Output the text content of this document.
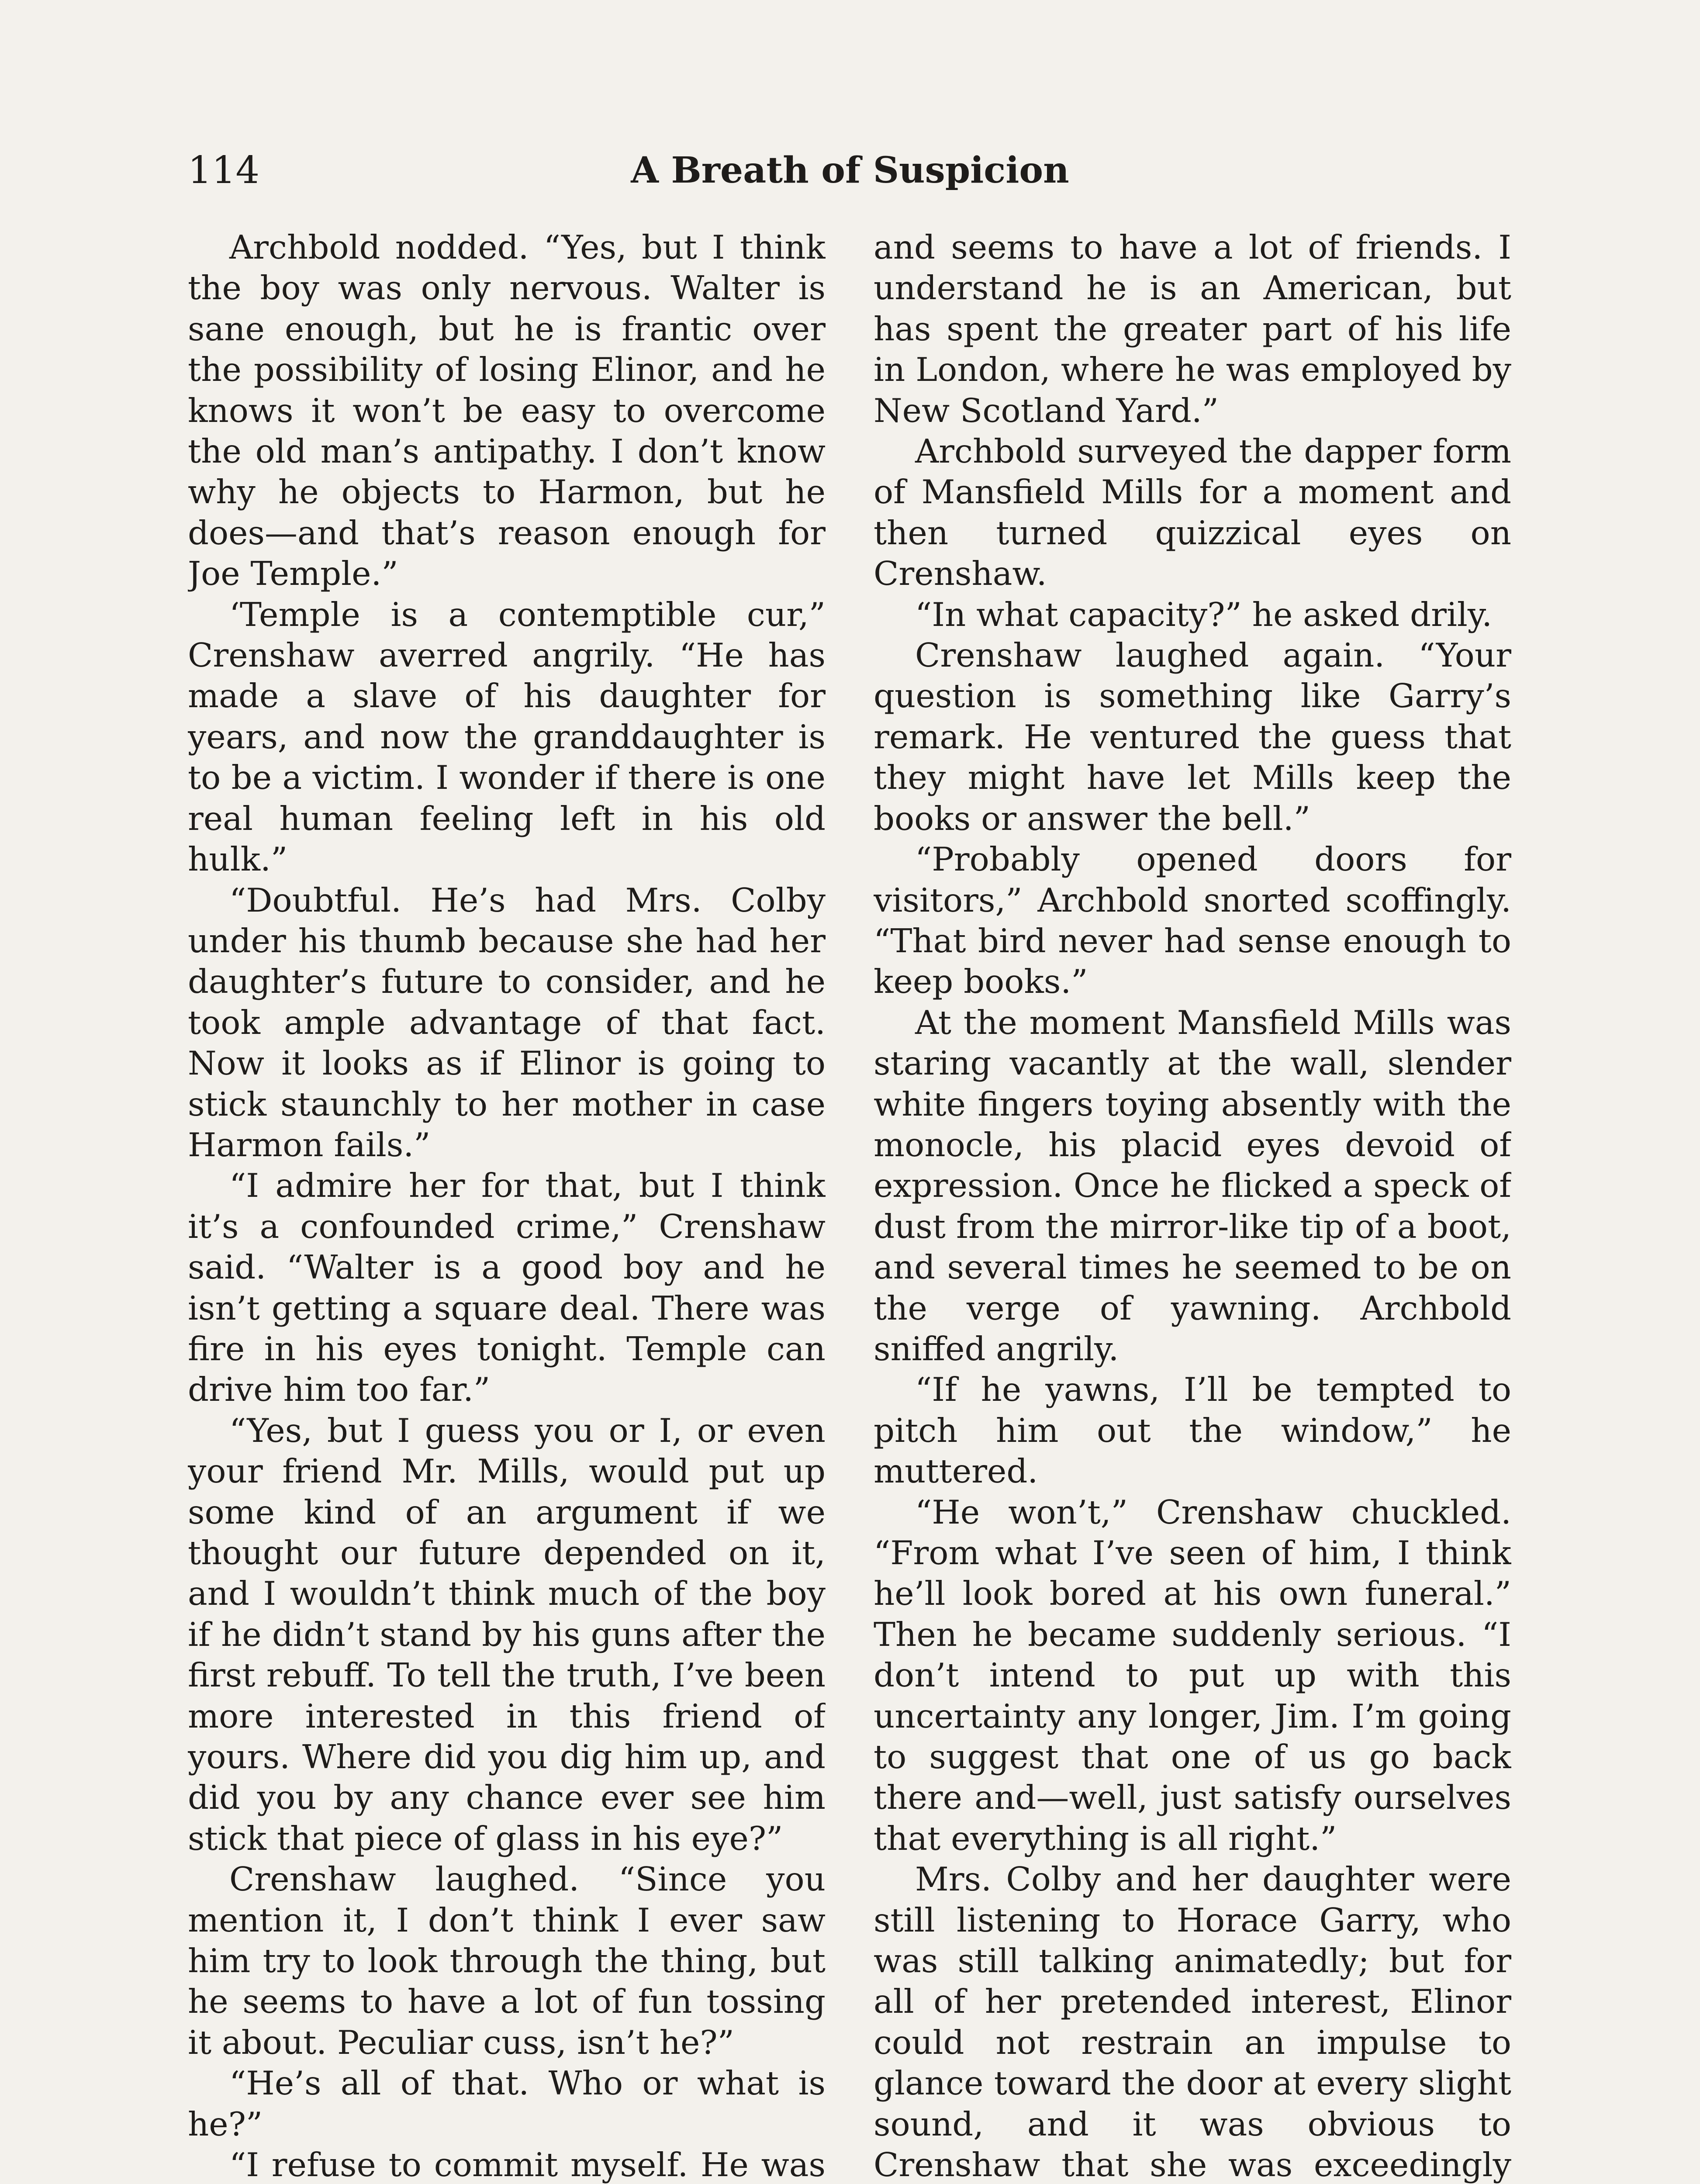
114	A Breath of Suspicion

Archbold nodded. “Yes, but I think the boy was only nervous. Walter is sane enough, but he is frantic over the possibility of losing Elinor, and he knows it won’t be easy to overcome the old man’s antipathy. I don’t know why he objects to Harmon, but he does—and that’s reason enough for Joe Temple.”

‘Temple is a contemptible cur,” Crenshaw averred angrily. “He has made a slave of his daughter for years, and now the granddaughter is to be a victim. I wonder if there is one real human feeling left in his old hulk.”

“Doubtful. He’s had Mrs. Colby under his thumb because she had her daughter’s future to consider, and he took ample advantage of that fact. Now it looks as if Elinor is going to stick staunchly to her mother in case Harmon fails.”

“I admire her for that, but I think it’s a confounded crime,” Crenshaw said. “Walter is a good boy and he isn’t getting a square deal. There was fire in his eyes tonight. Temple can drive him too far.”

“Yes, but I guess you or I, or even your friend Mr. Mills, would put up some kind of an argument if we thought our future depended on it, and I wouldn’t think much of the boy if he didn’t stand by his guns after the first rebuff. To tell the truth, I’ve been more interested in this friend of yours. Where did you dig him up, and did you by any chance ever see him stick that piece of glass in his eye?”

Crenshaw laughed. “Since you mention it, I don’t think I ever saw him try to look through the thing, but he seems to have a lot of fun tossing it about. Peculiar cuss, isn’t he?”

“He’s all of that. Who or what is he?”

“I refuse to commit myself. He was

and seems to have a lot of friends. I understand he is an American, but has spent the greater part of his life in London, where he was employed by New Scotland Yard.”

Archbold surveyed the dapper form of Mansfield Mills for a moment and then turned quizzical eyes on Crenshaw.

“In what capacity?” he asked drily.

Crenshaw laughed again. “Your question is something like Garry’s remark. He ventured the guess that they might have let Mills keep the books or answer the bell.”

“Probably opened doors for visitors,” Archbold snorted scoffingly. “That bird never had sense enough to keep books.”

At the moment Mansfield Mills was staring vacantly at the wall, slender white fingers toying absently with the monocle, his placid eyes devoid of expression. Once he flicked a speck of dust from the mirror-like tip of a boot, and several times he seemed to be on the verge of yawning. Archbold sniffed angrily.

“If he yawns, I’ll be tempted to pitch him out the window,” he muttered.

“He won’t,” Crenshaw chuckled. “From what I’ve seen of him, I think he’ll look bored at his own funeral.” Then he became suddenly serious. “I don’t intend to put up with this uncertainty any longer, Jim. I’m going to suggest that one of us go back there and—well, just satisfy ourselves that everything is all right.”

Mrs. Colby and her daughter were still listening to Horace Garry, who was still talking animatedly; but for all of her pretended interest, Elinor could not restrain an impulse to glance toward the door at every slight sound, and it was obvious to Crenshaw that she was exceedingly
